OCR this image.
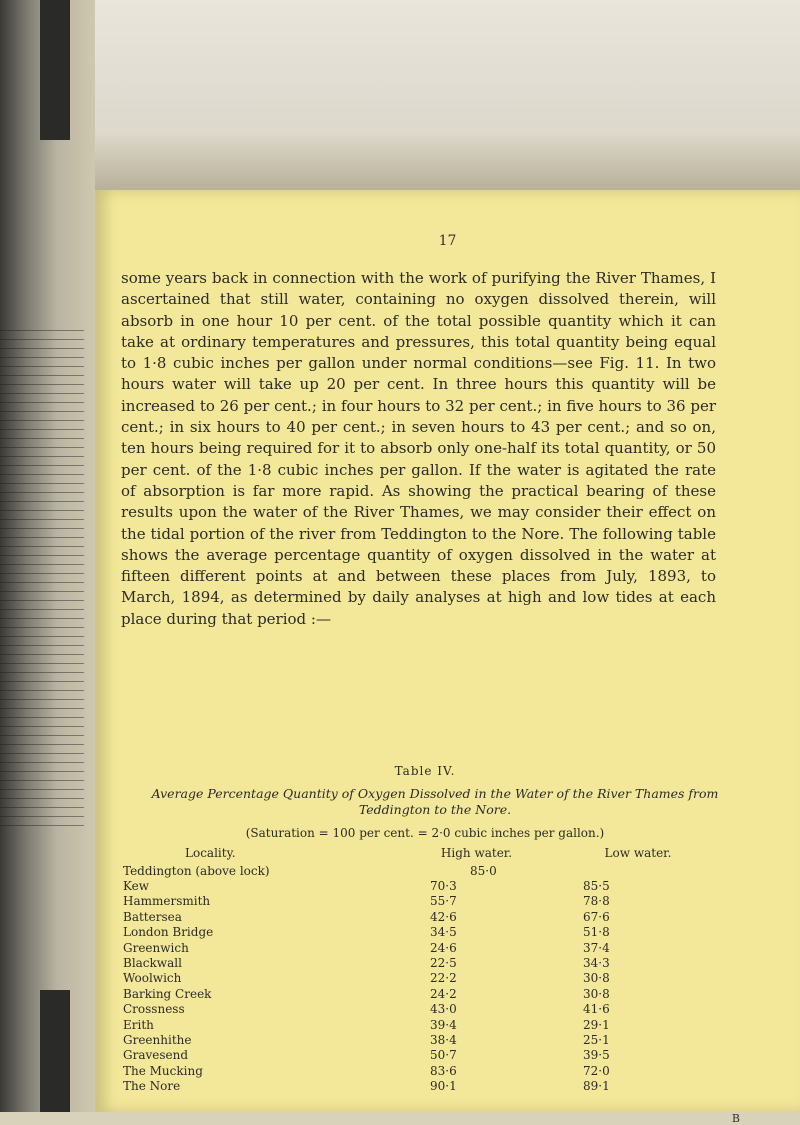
17

some years back in connection with the work of purifying the River Thames, I ascertained that still water, containing no oxygen dissolved therein, will absorb in one hour 10 per cent. of the total possible quantity which it can take at ordinary temperatures and pressures, this total quantity being equal to 1·8 cubic inches per gallon under normal conditions—see Fig. 11. In two hours water will take up 20 per cent. In three hours this quantity will be increased to 26 per cent.; in four hours to 32 per cent.; in five hours to 36 per cent.; in six hours to 40 per cent.; in seven hours to 43 per cent.; and so on, ten hours being required for it to absorb only one-half its total quantity, or 50 per cent. of the 1·8 cubic inches per gallon. If the water is agitated the rate of absorption is far more rapid. As showing the practical bearing of these results upon the water of the River Thames, we may consider their effect on the tidal portion of the river from Teddington to the Nore. The following table shows the average percentage quantity of oxygen dissolved in the water at fifteen different points at and between these places from July, 1893, to March, 1894, as determined by daily analyses at high and low tides at each place during that period :—

Table IV.
Average Percentage Quantity of Oxygen Dissolved in the Water of the River Thames from Teddington to the Nore.
(Saturation = 100 per cent. = 2·0 cubic inches per gallon.)
Locality.	High water.	Low water.
Teddington (above lock)	85·0	
Kew	70·3	85·5
Hammersmith	55·7	78·8
Battersea	42·6	67·6
London Bridge	34·5	51·8
Greenwich	24·6	37·4
Blackwall	22·5	34·3
Woolwich	22·2	30·8
Barking Creek	24·2	30·8
Crossness	43·0	41·6
Erith	39·4	29·1
Greenhithe	38·4	25·1
Gravesend	50·7	39·5
The Mucking	83·6	72·0
The Nore	90·1	89·1
B
